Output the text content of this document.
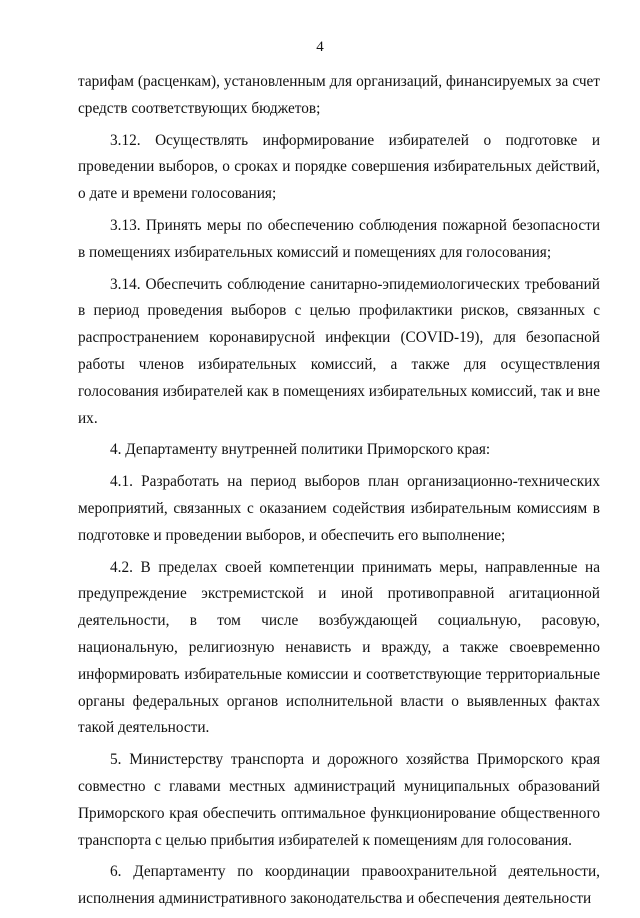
4

тарифам (расценкам), установленным для организаций, финансируемых за счет средств соответствующих бюджетов;

3.12. Осуществлять информирование избирателей о подготовке и проведении выборов, о сроках и порядке совершения избирательных действий, о дате и времени голосования;

3.13. Принять меры по обеспечению соблюдения пожарной безопасности в помещениях избирательных комиссий и помещениях для голосования;

3.14. Обеспечить соблюдение санитарно-эпидемиологических требований в период проведения выборов с целью профилактики рисков, связанных с распространением коронавирусной инфекции (COVID-19), для безопасной работы членов избирательных комиссий, а также для осуществления голосования избирателей как в помещениях избирательных комиссий, так и вне их.

4. Департаменту внутренней политики Приморского края:

4.1. Разработать на период выборов план организационно-технических мероприятий, связанных с оказанием содействия избирательным комиссиям в подготовке и проведении выборов, и обеспечить его выполнение;

4.2. В пределах своей компетенции принимать меры, направленные на предупреждение экстремистской и иной противоправной агитационной деятельности, в том числе возбуждающей социальную, расовую, национальную, религиозную ненависть и вражду, а также своевременно информировать избирательные комиссии и соответствующие территориальные органы федеральных органов исполнительной власти о выявленных фактах такой деятельности.

5. Министерству транспорта и дорожного хозяйства Приморского края совместно с главами местных администраций муниципальных образований Приморского края обеспечить оптимальное функционирование общественного транспорта с целью прибытия избирателей к помещениям для голосования.

6. Департаменту по координации правоохранительной деятельности, исполнения административного законодательства и обеспечения деятельности
